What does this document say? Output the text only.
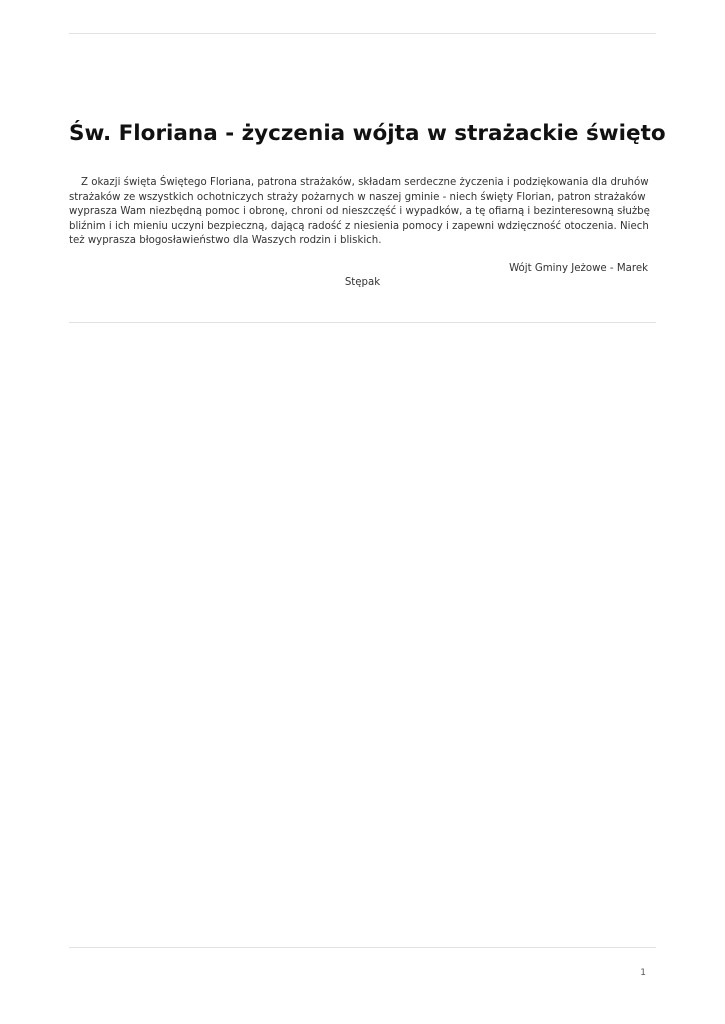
Św. Floriana - życzenia wójta w strażackie święto

Z okazji święta Świętego Floriana, patrona strażaków, składam serdeczne życzenia i podziękowania dla druhów strażaków ze wszystkich ochotniczych straży pożarnych w naszej gminie - niech święty Florian, patron strażaków wyprasza Wam niezbędną pomoc i obronę, chroni od nieszczęść i wypadków, a tę ofiarną i bezinteresowną służbę bliźnim i ich mieniu uczyni bezpieczną, dającą radość z niesienia pomocy i zapewni wdzięczność otoczenia. Niech też wyprasza błogosławieństwo dla Waszych rodzin i bliskich.

Wójt Gminy Jeżowe - Marek

Stępak

1
